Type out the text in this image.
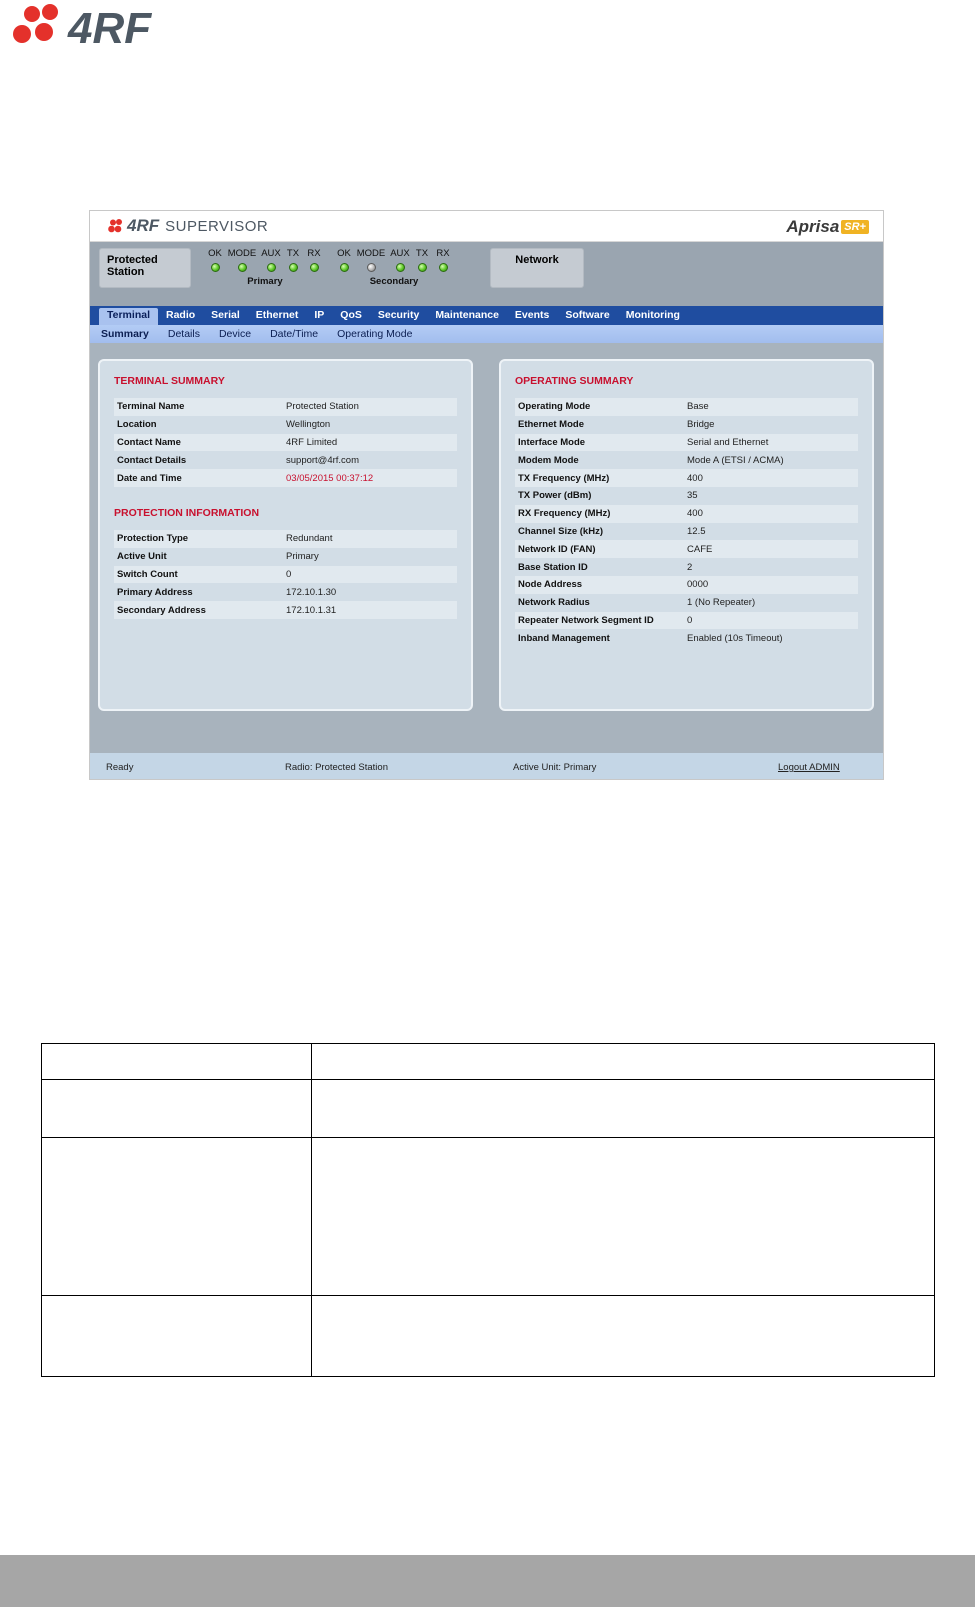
4RF
4RF SUPERVISOR	Aprisa SR+
Protected Station
OK MODE AUX TX RX
Primary
OK MODE AUX TX RX
Secondary
Network
Terminal	Radio	Serial	Ethernet	IP	QoS	Security	Maintenance	Events	Software	Monitoring
Summary Details Device Date/Time Operating Mode
TERMINAL SUMMARY
Terminal Name	Protected Station
Location	Wellington
Contact Name	4RF Limited
Contact Details	support@4rf.com
Date and Time	03/05/2015 00:37:12
PROTECTION INFORMATION
Protection Type	Redundant
Active Unit	Primary
Switch Count	0
Primary Address	172.10.1.30
Secondary Address	172.10.1.31
OPERATING SUMMARY
Operating Mode	Base
Ethernet Mode	Bridge
Interface Mode	Serial and Ethernet
Modem Mode	Mode A (ETSI / ACMA)
TX Frequency (MHz)	400
TX Power (dBm)	35
RX Frequency (MHz)	400
Channel Size (kHz)	12.5
Network ID (FAN)	CAFE
Base Station ID	2
Node Address	0000
Network Radius	1 (No Repeater)
Repeater Network Segment ID	0
Inband Management	Enabled (10s Timeout)
Ready	Radio: Protected Station	Active Unit: Primary	Logout ADMIN
